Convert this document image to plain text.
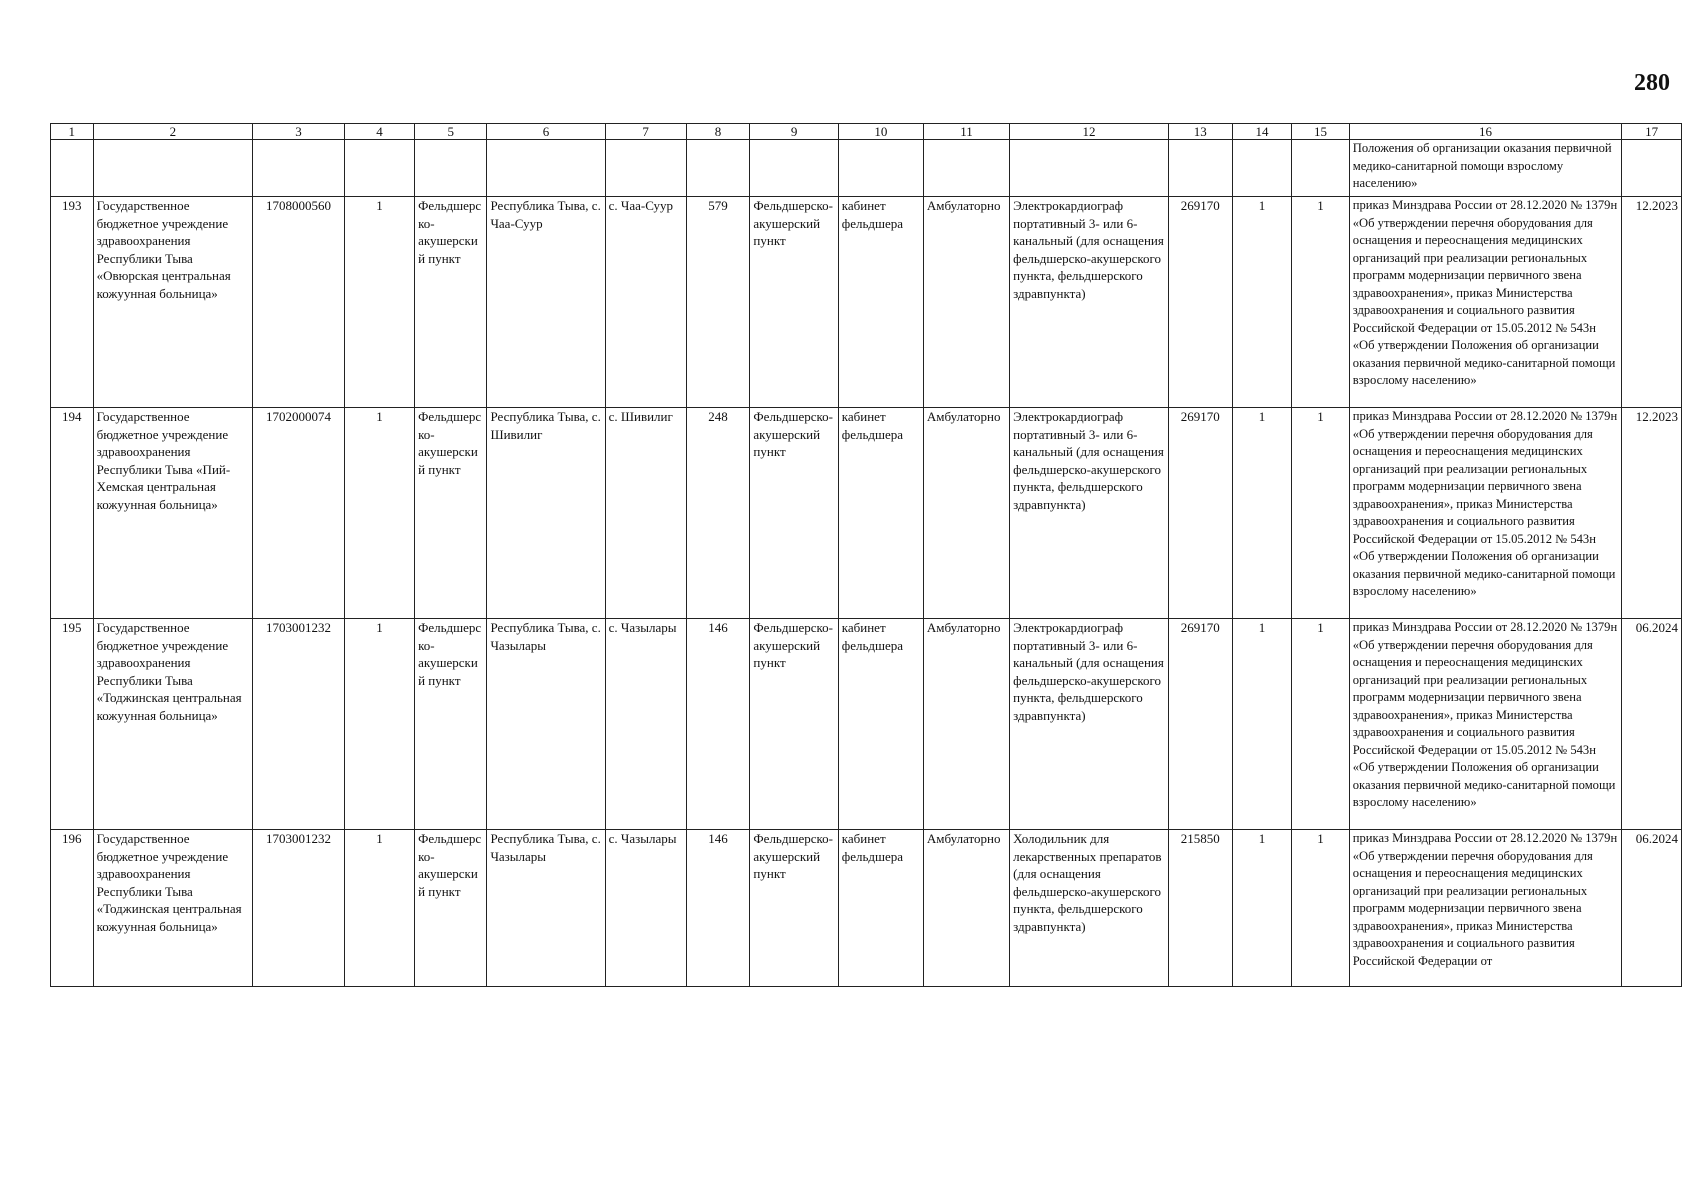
280
1	2	3	4	5	6	7	8	9	10	11	12	13	14	15	16	17
															Положения об организации оказания первичной медико-санитарной помощи взрослому населению»	
193	Государственное бюджетное учреждение здравоохранения Республики Тыва «Овюрская центральная кожуунная больница»	1708000560	1	Фельдшерско-акушерский пункт	Республика Тыва, с. Чаа-Суур	с. Чаа-Суур	579	Фельдшерско-акушерский пункт	кабинет фельдшера	Амбулаторно	Электрокардиограф портативный 3- или 6-канальный (для оснащения фельдшерско-акушерского пункта, фельдшерского здравпункта)	269170	1	1	приказ Минздрава России от 28.12.2020 № 1379н «Об утверждении перечня оборудования для оснащения и переоснащения медицинских организаций при реализации региональных программ модернизации первичного звена здравоохранения», приказ Министерства здравоохранения и социального развития Российской Федерации от 15.05.2012 № 543н «Об утверждении Положения об организации оказания первичной медико-санитарной помощи взрослому населению»	12.2023
194	Государственное бюджетное учреждение здравоохранения Республики Тыва «Пий-Хемская центральная кожуунная больница»	1702000074	1	Фельдшерско-акушерский пункт	Республика Тыва, с. Шивилиг	с. Шивилиг	248	Фельдшерско-акушерский пункт	кабинет фельдшера	Амбулаторно	Электрокардиограф портативный 3- или 6-канальный (для оснащения фельдшерско-акушерского пункта, фельдшерского здравпункта)	269170	1	1	приказ Минздрава России от 28.12.2020 № 1379н «Об утверждении перечня оборудования для оснащения и переоснащения медицинских организаций при реализации региональных программ модернизации первичного звена здравоохранения», приказ Министерства здравоохранения и социального развития Российской Федерации от 15.05.2012 № 543н «Об утверждении Положения об организации оказания первичной медико-санитарной помощи взрослому населению»	12.2023
195	Государственное бюджетное учреждение здравоохранения Республики Тыва «Тоджинская центральная кожуунная больница»	1703001232	1	Фельдшерско-акушерский пункт	Республика Тыва, с. Чазылары	с. Чазылары	146	Фельдшерско-акушерский пункт	кабинет фельдшера	Амбулаторно	Электрокардиограф портативный 3- или 6-канальный (для оснащения фельдшерско-акушерского пункта, фельдшерского здравпункта)	269170	1	1	приказ Минздрава России от 28.12.2020 № 1379н «Об утверждении перечня оборудования для оснащения и переоснащения медицинских организаций при реализации региональных программ модернизации первичного звена здравоохранения», приказ Министерства здравоохранения и социального развития Российской Федерации от 15.05.2012 № 543н «Об утверждении Положения об организации оказания первичной медико-санитарной помощи взрослому населению»	06.2024
196	Государственное бюджетное учреждение здравоохранения Республики Тыва «Тоджинская центральная кожуунная больница»	1703001232	1	Фельдшерско-акушерский пункт	Республика Тыва, с. Чазылары	с. Чазылары	146	Фельдшерско-акушерский пункт	кабинет фельдшера	Амбулаторно	Холодильник для лекарственных препаратов (для оснащения фельдшерско-акушерского пункта, фельдшерского здравпункта)	215850	1	1	приказ Минздрава России от 28.12.2020 № 1379н «Об утверждении перечня оборудования для оснащения и переоснащения медицинских организаций при реализации региональных программ модернизации первичного звена здравоохранения», приказ Министерства здравоохранения и социального развития Российской Федерации от	06.2024
